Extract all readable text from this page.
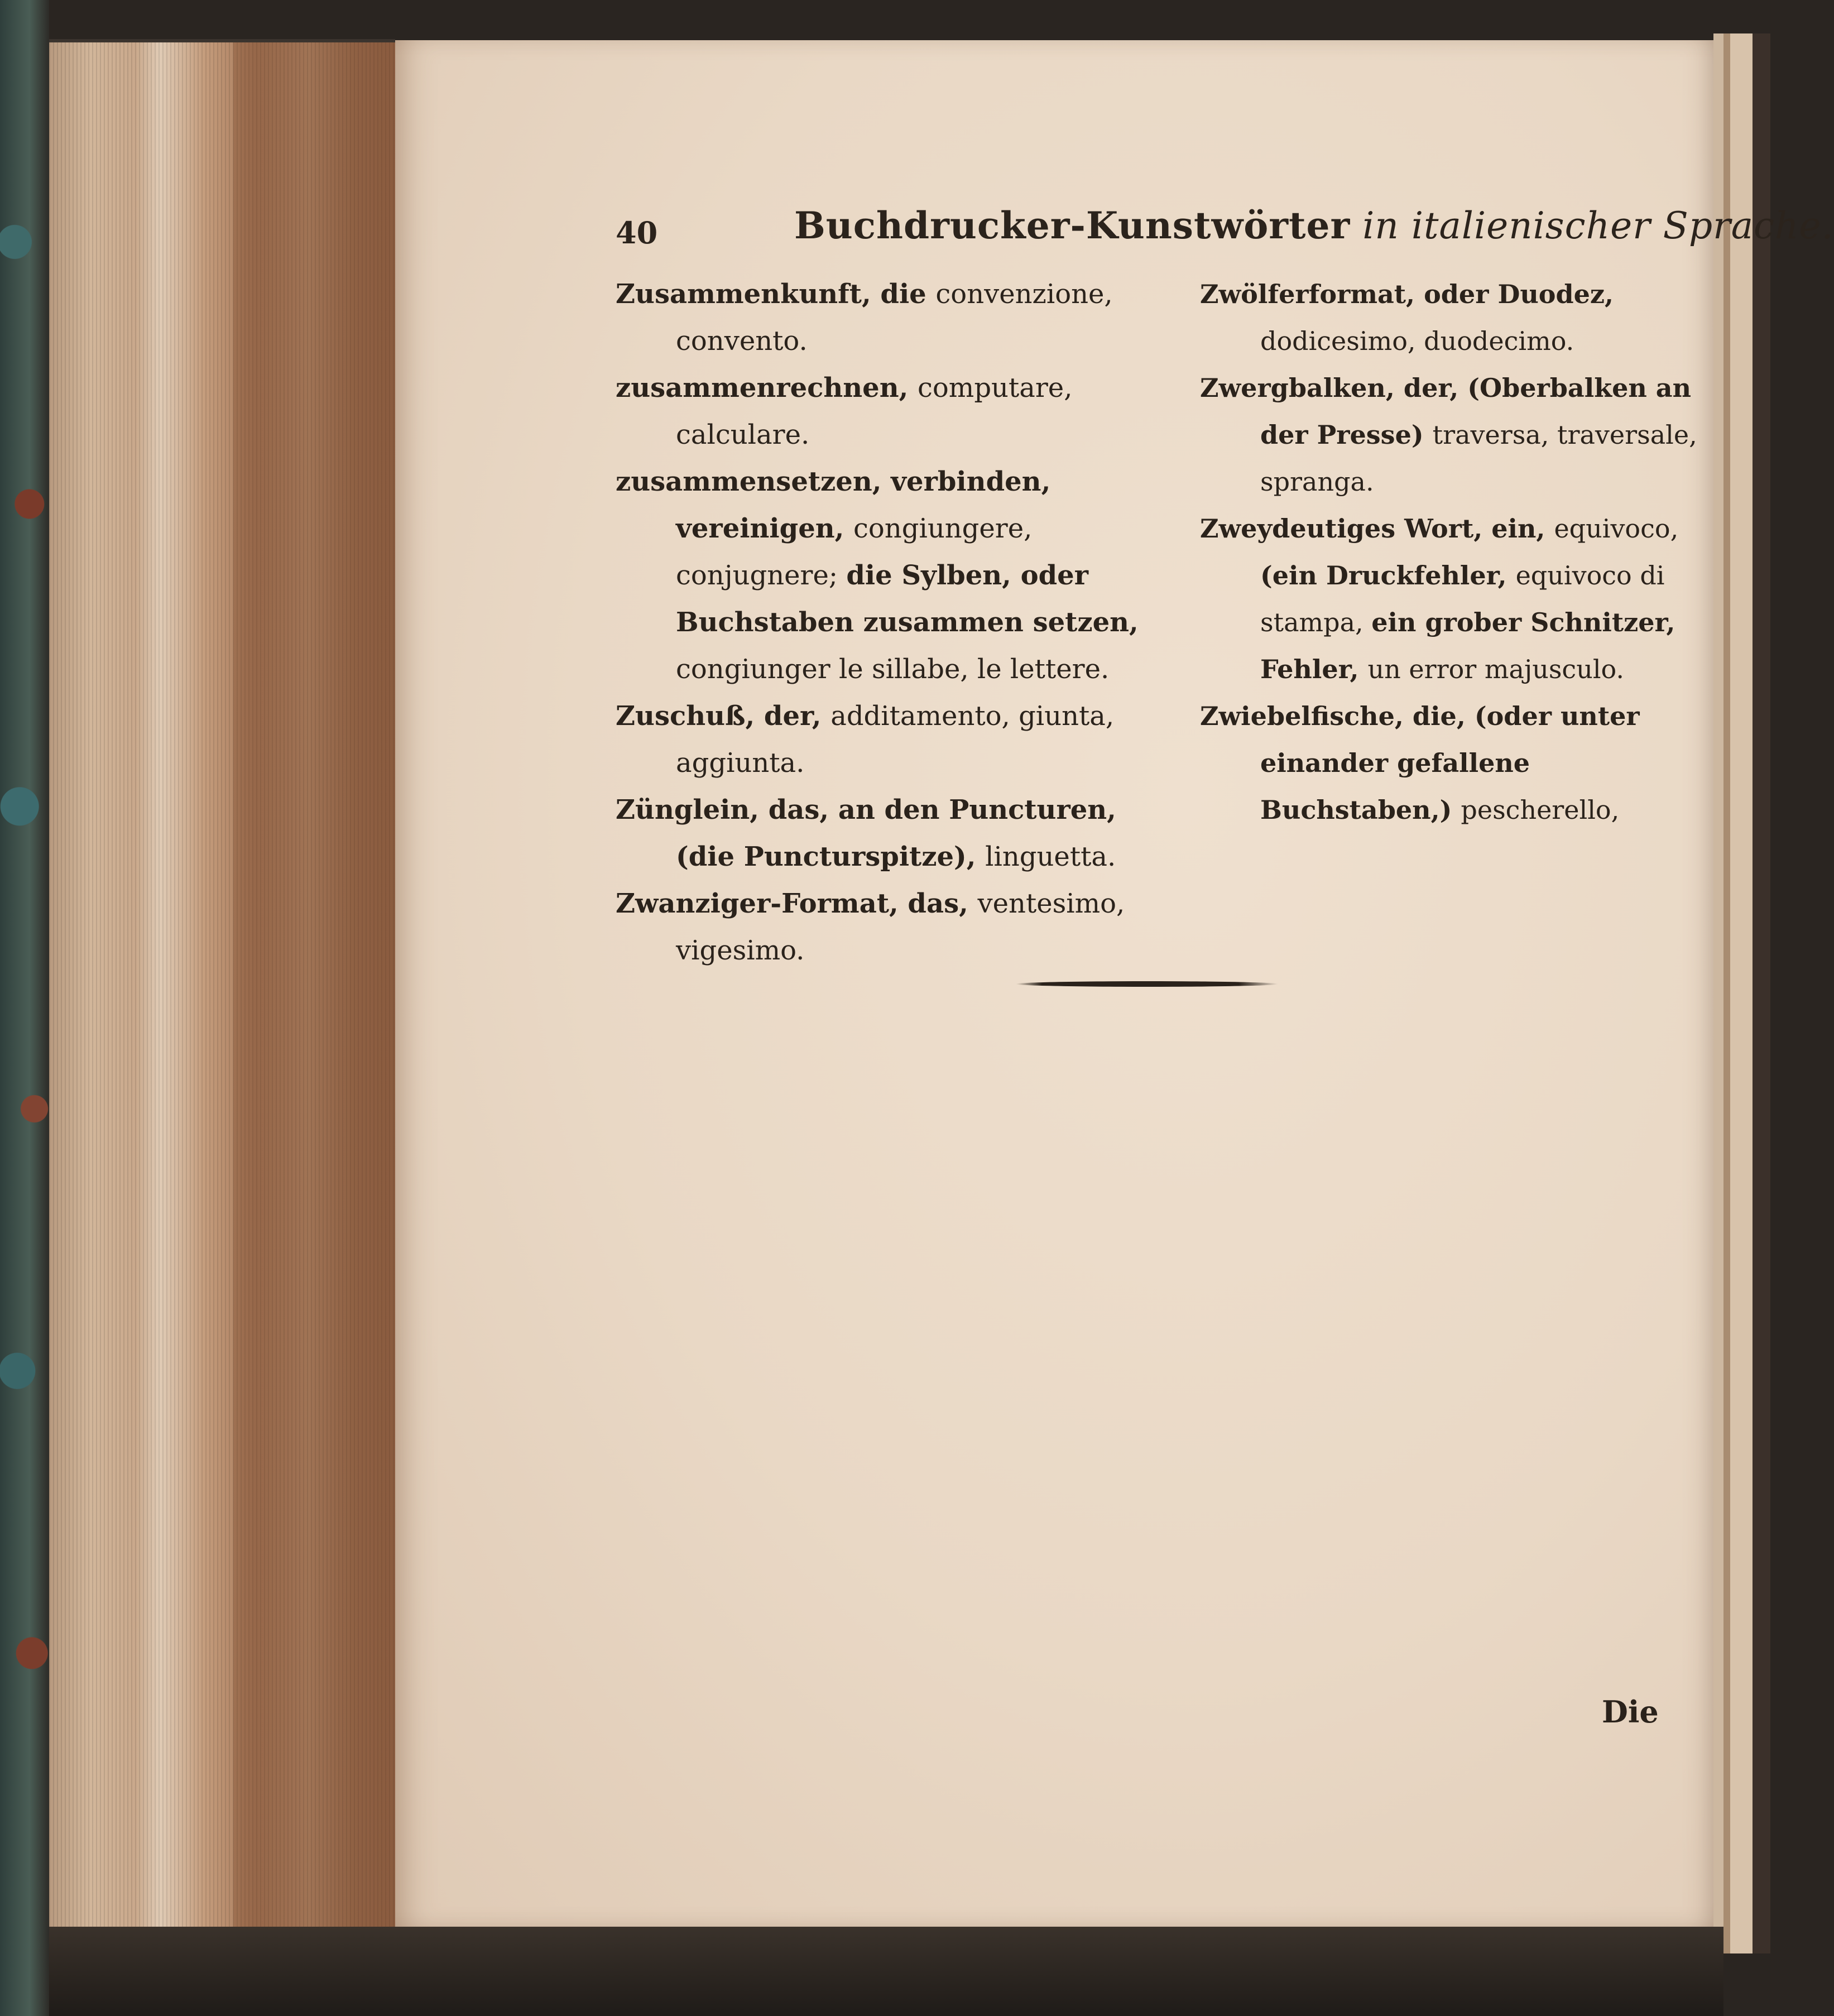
40	Buchdrucker-Kunstwörter in italienischer Sprache.

Zusammenkunft, die convenzione, convento.

zusammenrechnen, computare, calculare.

zusammensetzen, verbinden, vereinigen, congiungere, conjugnere; die Sylben, oder Buchstaben zusammen setzen, congiunger le sillabe, le lettere.

Zuschuß, der, additamento, giunta, aggiunta.

Zünglein, das, an den Puncturen, (die Puncturspitze), linguetta.

Zwanziger-Format, das, ventesimo, vigesimo.

Zwölferformat, oder Duodez, dodicesimo, duodecimo.

Zwergbalken, der, (Oberbalken an der Presse) traversa, traversale, spranga.

Zweydeutiges Wort, ein, equivoco, (ein Druckfehler, equivoco di stampa, ein grober Schnitzer, Fehler, un error majusculo.

Zwiebelfische, die, (oder unter einander gefallene Buchstaben,) pescherello,

Die
